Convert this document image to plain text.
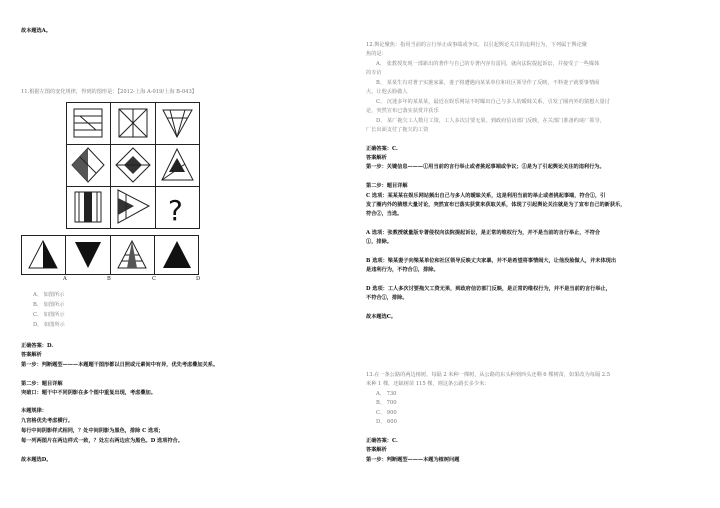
故本题选A。
11.根据左图的变化规律，得到的图形是：【2012-上海 A-019/上海 B-043】
?
A	B	C	D
A、 如图所示
B、 如图所示
C、 如图所示
D、 如图所示
正确答案：D.
答案解析
第一步：判断题型———本题题干图形都以日照或元素间中有异，优先考虑叠加关系。
第二步：题目详解
突破口：题干中不同阴影在多个图中重复出现，考虑叠加。
本题规律：
九宫格优先考虑横行。
每行中间阴影样式相同，？处中间阴影为黑色，排除 C 选项；
每一列两图片在两边样式一致，？处左右两边应为黑色。D 选项符合。
故本题选D。
12.舆论聚焦：指用当前的言行举止或事端或争议，以引起舆论关注的违利行为，下列属于舆论聚
焦的是：
A、 张教授发现一部新出的著作与自己的专著内容有雷同，就向法院提起诉讼，并接受了一些媒体
的专访
B、 某某生有对著子实施家暴，妻子将遭遇向某某单位和社区领导作了反映，不料妻子就要事情闹
大，让他丢脸做人
C、 沉迷多年的某某某，最近在娱乐网站不时曝出自己与多人的暧昧关系，引发了圈内外的猜想大量讨
论，突然宣布已落实获赏并获乐
D、 某厂拖欠工人数月工资，工人多次讨要无果，到政府信访部门反映，在关部门准备约谈厂领导，
厂长出面支付了拖欠的工资
正确答案：C.
答案解析
第一步：关键信息———①用当前的言行举止或者挑起事端或争议；②是为了引起舆论关注的违利行为。
第二步：题目详解
C 选项：某某某在娱乐网站频出自己与多人的暧昧关系，这是利用当前的举止或者挑起事端，符合①，引
发了圈内外的猜想大量讨论，突然宣布已落实获赏来获取关系，体现了引起舆论关注就是为了宣布自己的新获乐，
符合②，当选。
A 选项：张教授就量版专著侵权向法院提起诉讼，是正常的维权行为，并不是当前的言行举止，不符合
①，排除。
B 选项：梁某妻子向梁某单位和社区领导反映丈夫家暴，并不是希望将事情闹大，让他没脸做人，并未体现出
是违利行为，不符合②，排除。
D 选项：工人多次讨要拖欠工资无果，到政府信访部门反映，是正常的维权行为，并不是当前的言行举止，
不符合①，排除。
故本题选C。
13.在一条公路的两边植树，每隔 2 米种一棵树，从公路的东头种到西头还剩 6 棵树苗，如果改为每隔 2.5
米种 1 棵，还缺树苗 115 棵，则这条公路长多少米：
A、 730
B、 700
C、 900
D、 600
正确答案：C.
答案解析
第一步：判断题型———本题为植树问题
